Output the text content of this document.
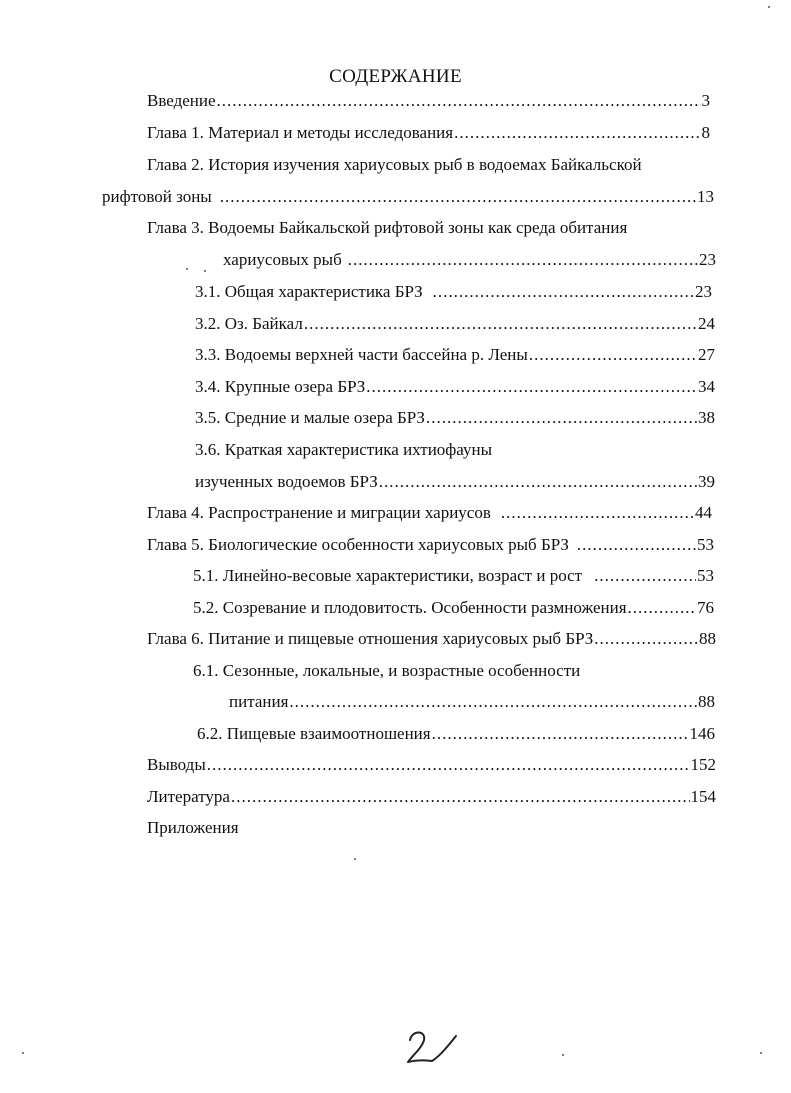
СОДЕРЖАНИЕ
Введение .....	3
Глава 1. Материал и методы исследования .....	8
Глава 2. История изучения хариусовых рыб в водоемах Байкальской
рифтовой зоны .....	13
Глава 3. Водоемы Байкальской рифтовой зоны как среда обитания
хариусовых рыб .....	23
3.1. Общая характеристика БРЗ .....	23
3.2. Оз. Байкал .....	24
3.3. Водоемы верхней части бассейна р. Лены .....	27
3.4. Крупные озера БРЗ .....	34
3.5. Средние и малые озера БРЗ .....	38
3.6. Краткая характеристика ихтиофауны
изученных водоемов БРЗ .....	39
Глава 4. Распространение и миграции хариусов .....	44
Глава 5. Биологические особенности хариусовых рыб БРЗ .....	53
5.1. Линейно-весовые характеристики, возраст и рост .....	53
5.2. Созревание и плодовитость. Особенности размножения .....	76
Глава 6. Питание и пищевые отношения хариусовых рыб БРЗ .....	88
6.1. Сезонные, локальные, и возрастные особенности
питания .....	88
6.2. Пищевые взаимоотношения .....	146
Выводы .....	152
Литература .....	154
Приложения
